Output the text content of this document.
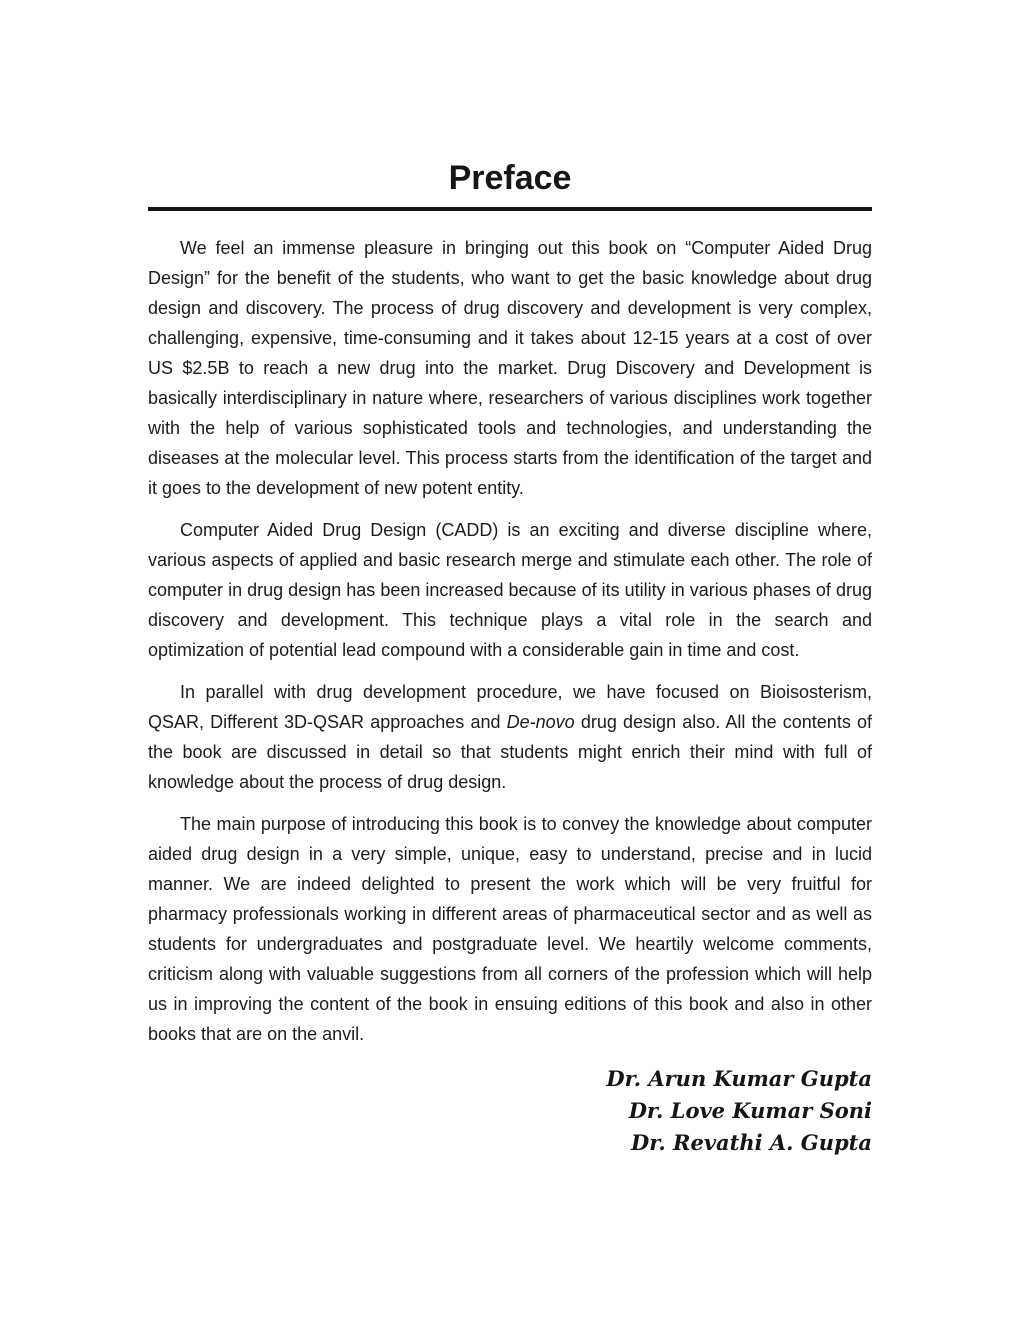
Preface

We feel an immense pleasure in bringing out this book on “Computer Aided Drug Design” for the benefit of the students, who want to get the basic knowledge about drug design and discovery. The process of drug discovery and development is very complex, challenging, expensive, time-consuming and it takes about 12-15 years at a cost of over US $2.5B to reach a new drug into the market. Drug Discovery and Development is basically interdisciplinary in nature where, researchers of various disciplines work together with the help of various sophisticated tools and technologies, and understanding the diseases at the molecular level. This process starts from the identification of the target and it goes to the development of new potent entity.

Computer Aided Drug Design (CADD) is an exciting and diverse discipline where, various aspects of applied and basic research merge and stimulate each other. The role of computer in drug design has been increased because of its utility in various phases of drug discovery and development. This technique plays a vital role in the search and optimization of potential lead compound with a considerable gain in time and cost.

In parallel with drug development procedure, we have focused on Bioisosterism, QSAR, Different 3D-QSAR approaches and De-novo drug design also. All the contents of the book are discussed in detail so that students might enrich their mind with full of knowledge about the process of drug design.

The main purpose of introducing this book is to convey the knowledge about computer aided drug design in a very simple, unique, easy to understand, precise and in lucid manner. We are indeed delighted to present the work which will be very fruitful for pharmacy professionals working in different areas of pharmaceutical sector and as well as students for undergraduates and postgraduate level. We heartily welcome comments, criticism along with valuable suggestions from all corners of the profession which will help us in improving the content of the book in ensuing editions of this book and also in other books that are on the anvil.

Dr. Arun Kumar Gupta
Dr. Love Kumar Soni
Dr. Revathi A. Gupta
